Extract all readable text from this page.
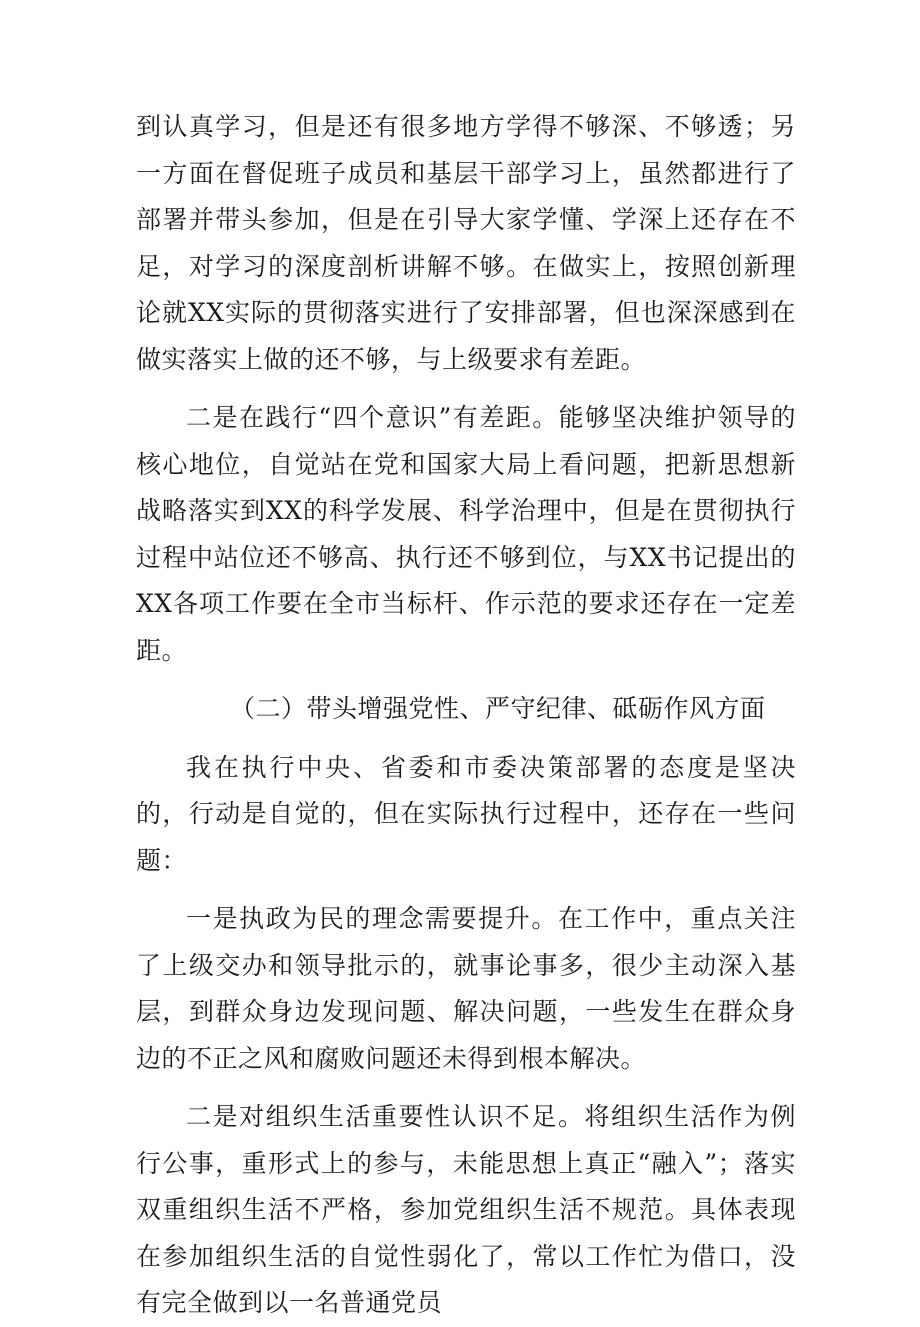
到认真学习，但是还有很多地方学得不够深、不够透；另一方面在督促班子成员和基层干部学习上，虽然都进行了部署并带头参加，但是在引导大家学懂、学深上还存在不足，对学习的深度剖析讲解不够。在做实上，按照创新理论就XX实际的贯彻落实进行了安排部署，但也深深感到在做实落实上做的还不够，与上级要求有差距。

二是在践行“四个意识”有差距。能够坚决维护领导的核心地位，自觉站在党和国家大局上看问题，把新思想新战略落实到XX的科学发展、科学治理中，但是在贯彻执行过程中站位还不够高、执行还不够到位，与XX书记提出的XX各项工作要在全市当标杆、作示范的要求还存在一定差距。

（二）带头增强党性、严守纪律、砥砺作风方面

我在执行中央、省委和市委决策部署的态度是坚决的，行动是自觉的，但在实际执行过程中，还存在一些问题：

一是执政为民的理念需要提升。在工作中，重点关注了上级交办和领导批示的，就事论事多，很少主动深入基层，到群众身边发现问题、解决问题，一些发生在群众身边的不正之风和腐败问题还未得到根本解决。

二是对组织生活重要性认识不足。将组织生活作为例行公事，重形式上的参与，未能思想上真正“融入”；落实双重组织生活不严格，参加党组织生活不规范。具体表现在参加组织生活的自觉性弱化了，常以工作忙为借口，没有完全做到以一名普通党员
